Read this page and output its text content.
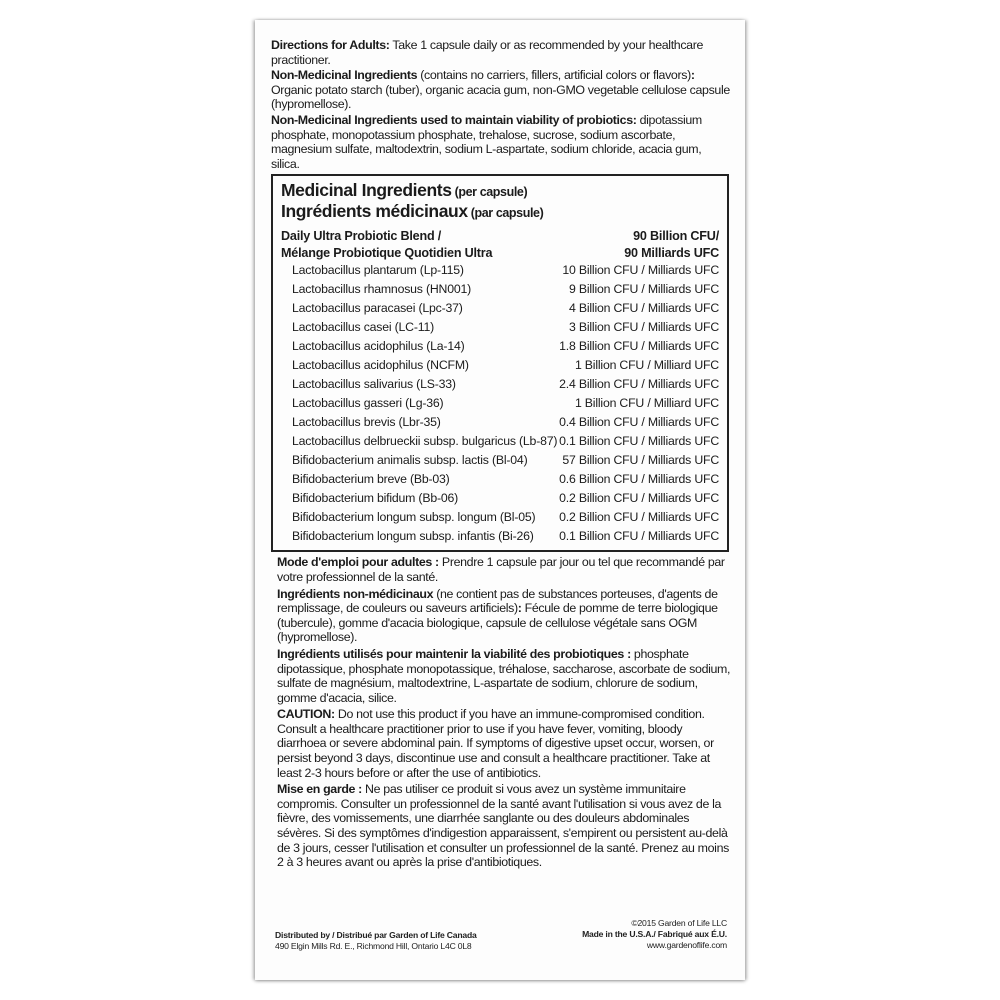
Directions for Adults: Take 1 capsule daily or as recommended by your healthcare practitioner.

Non-Medicinal Ingredients (contains no carriers, fillers, artificial colors or flavors): Organic potato starch (tuber), organic acacia gum, non-GMO vegetable cellulose capsule (hypromellose).

Non-Medicinal Ingredients used to maintain viability of probiotics: dipotassium phosphate, monopotassium phosphate, trehalose, sucrose, sodium ascorbate, magnesium sulfate, maltodextrin, sodium L-aspartate, sodium chloride, acacia gum, silica.

Medicinal Ingredients (per capsule)
Ingrédients médicinaux (par capsule)
Daily Ultra Probiotic Blend /	90 Billion CFU/
Mélange Probiotique Quotidien Ultra	90 Milliards UFC
Lactobacillus plantarum (Lp-115)	10 Billion CFU / Milliards UFC
Lactobacillus rhamnosus (HN001)	9 Billion CFU / Milliards UFC
Lactobacillus paracasei (Lpc-37)	4 Billion CFU / Milliards UFC
Lactobacillus casei (LC-11)	3 Billion CFU / Milliards UFC
Lactobacillus acidophilus (La-14)	1.8 Billion CFU / Milliards UFC
Lactobacillus acidophilus (NCFM)	1 Billion CFU / Milliard UFC
Lactobacillus salivarius (LS-33)	2.4 Billion CFU / Milliards UFC
Lactobacillus gasseri (Lg-36)	1 Billion CFU / Milliard UFC
Lactobacillus brevis (Lbr-35)	0.4 Billion CFU / Milliards UFC
Lactobacillus delbrueckii subsp. bulgaricus (Lb-87) 0.1 Billion CFU / Milliards UFC
Bifidobacterium animalis subsp. lactis (Bl-04)	57 Billion CFU / Milliards UFC
Bifidobacterium breve (Bb-03)	0.6 Billion CFU / Milliards UFC
Bifidobacterium bifidum (Bb-06)	0.2 Billion CFU / Milliards UFC
Bifidobacterium longum subsp. longum (Bl-05) 0.2 Billion CFU / Milliards UFC
Bifidobacterium longum subsp. infantis (Bi-26) 0.1 Billion CFU / Milliards UFC

Mode d'emploi pour adultes : Prendre 1 capsule par jour ou tel que recommandé par votre professionnel de la santé.

Ingrédients non-médicinaux (ne contient pas de substances porteuses, d'agents de remplissage, de couleurs ou saveurs artificiels): Fécule de pomme de terre biologique (tubercule), gomme d'acacia biologique, capsule de cellulose végétale sans OGM (hypromellose).

Ingrédients utilisés pour maintenir la viabilité des probiotiques : phosphate dipotassique, phosphate monopotassique, tréhalose, saccharose, ascorbate de sodium, sulfate de magnésium, maltodextrine, L-aspartate de sodium, chlorure de sodium, gomme d'acacia, silice.

CAUTION: Do not use this product if you have an immune-compromised condition. Consult a healthcare practitioner prior to use if you have fever, vomiting, bloody diarrhoea or severe abdominal pain. If symptoms of digestive upset occur, worsen, or persist beyond 3 days, discontinue use and consult a healthcare practitioner. Take at least 2-3 hours before or after the use of antibiotics.

Mise en garde : Ne pas utiliser ce produit si vous avez un système immunitaire compromis. Consulter un professionnel de la santé avant l'utilisation si vous avez de la fièvre, des vomissements, une diarrhée sanglante ou des douleurs abdominales sévères. Si des symptômes d'indigestion apparaissent, s'empirent ou persistent au-delà de 3 jours, cesser l'utilisation et consulter un professionnel de la santé. Prenez au moins 2 à 3 heures avant ou après la prise d'antibiotiques.

Distributed by / Distribué par Garden of Life Canada
490 Elgin Mills Rd. E., Richmond Hill, Ontario L4C 0L8
©2015 Garden of Life LLC
Made in the U.S.A./ Fabriqué aux É.U.
www.gardenoflife.com
